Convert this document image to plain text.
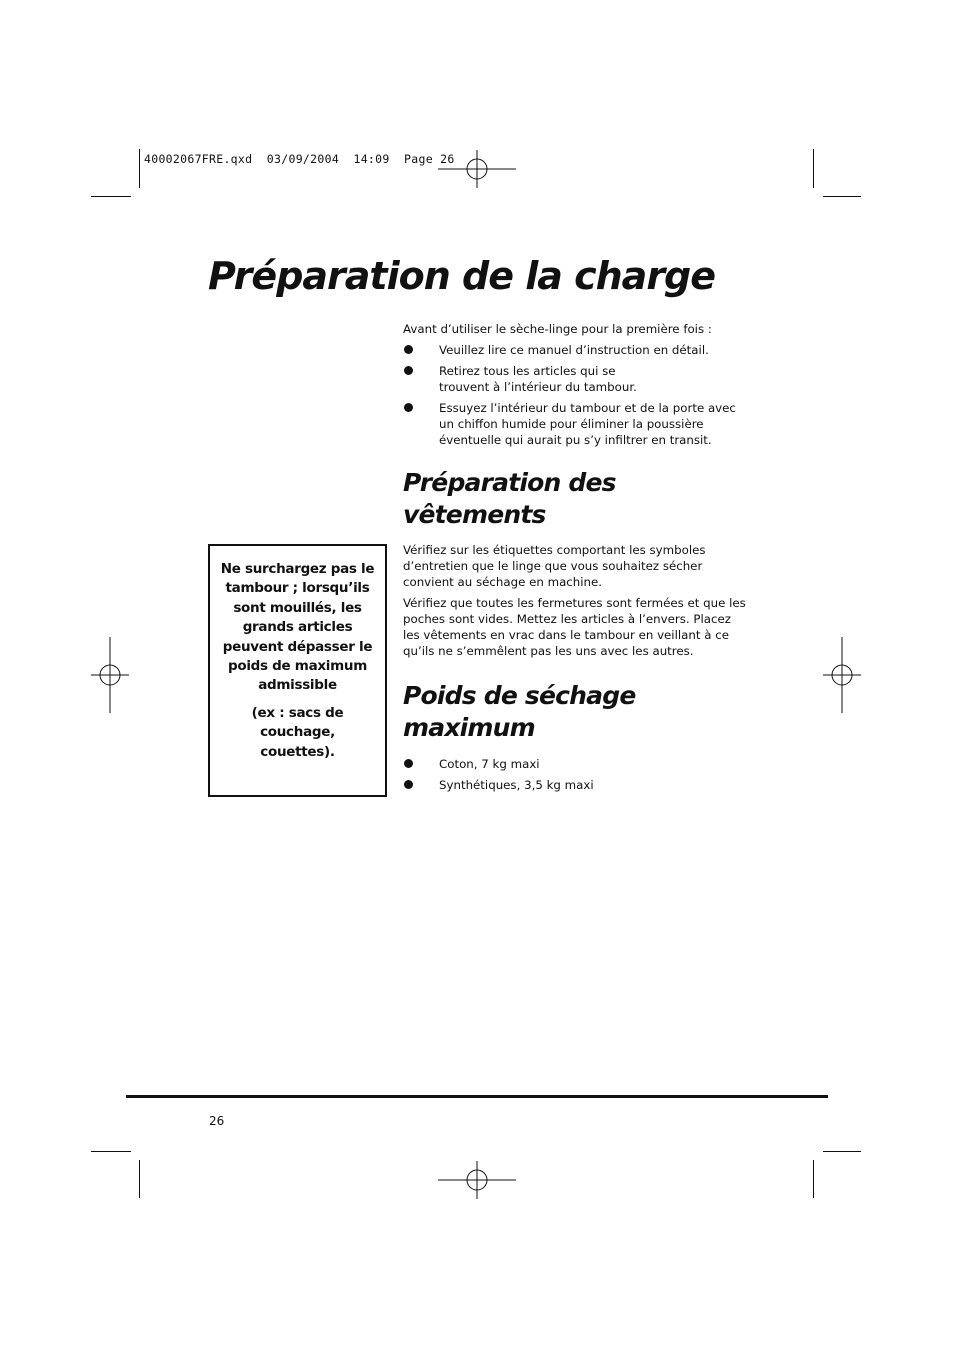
40002067FRE.qxd  03/09/2004  14:09  Page 26
Préparation de la charge

Avant d’utiliser le sèche-linge pour la première fois :

Veuillez lire ce manuel d’instruction en détail.
Retirez tous les articles qui se trouvent à l’intérieur du tambour.
Essuyez l’intérieur du tambour et de la porte avec un chiffon humide pour éliminer la poussière éventuelle qui aurait pu s’y infiltrer en transit.
Préparation des
vêtements

Vérifiez sur les étiquettes comportant les symboles d’entretien que le linge que vous souhaitez sécher convient au séchage en machine.

Vérifiez que toutes les fermetures sont fermées et que les poches sont vides. Mettez les articles à l’envers. Placez les vêtements en vrac dans le tambour en veillant à ce qu’ils ne s’emmêlent pas les uns avec les autres.

Poids de séchage
maximum
Coton, 7 kg maxi
Synthétiques, 3,5 kg maxi

Ne surchargez pas le tambour ; lorsqu’ils sont mouillés, les grands articles peuvent dépasser le poids de maximum admissible

(ex : sacs de couchage, couettes).

26
